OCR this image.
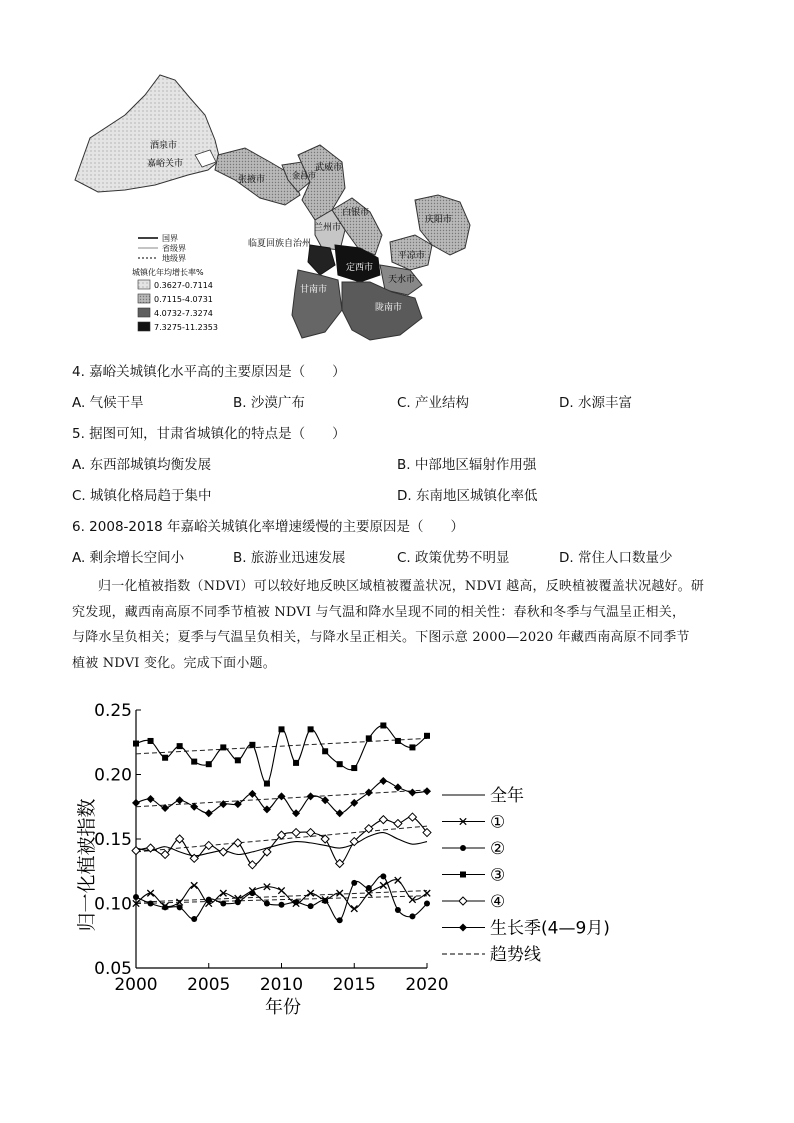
酒泉市
嘉峪关市
张掖市	金昌市
武威市
白银市
兰州市
庆阳市
平凉市
临夏回族自治州
定西市
天水市
甘南市
陇南市
国界
省级界
地级界
城镇化年均增长率%
0.3627-0.7114
0.7115-4.0731
4.0732-7.3274
7.3275-11.2353
4. 嘉峪关城镇化水平高的主要原因是（　　）
A. 气候干旱	B. 沙漠广布	C. 产业结构	D. 水源丰富
5. 据图可知，甘肃省城镇化的特点是（　　）
A. 东西部城镇均衡发展	B. 中部地区辐射作用强
C. 城镇化格局趋于集中	D. 东南地区城镇化率低
6. 2008-2018 年嘉峪关城镇化率增速缓慢的主要原因是（　　）
A. 剩余增长空间小	B. 旅游业迅速发展	C. 政策优势不明显	D. 常住人口数量少
归一化植被指数（NDVI）可以较好地反映区域植被覆盖状况，NDVI 越高，反映植被覆盖状况越好。研
究发现，藏西南高原不同季节植被 NDVI 与气温和降水呈现不同的相关性：春秋和冬季与气温呈正相关，
与降水呈负相关；夏季与气温呈负相关，与降水呈正相关。下图示意 2000—2020 年藏西南高原不同季节
植被 NDVI 变化。完成下面小题。
0.05
0.10
0.15
0.20
0.25
2000 2005 2010 2015 2020
全年
①
②
③
④
生长季(4—9月)
趋势线
归一化植被指数
年份
